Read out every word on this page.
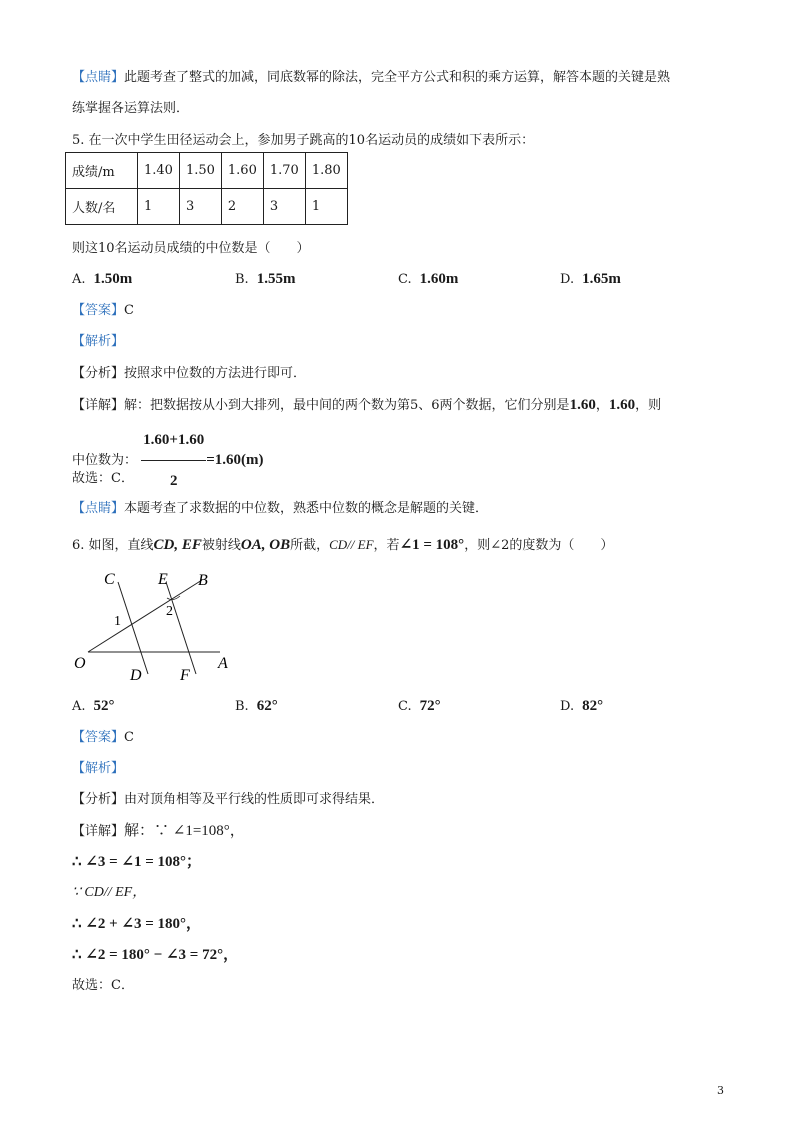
【点睛】此题考查了整式的加减，同底数幂的除法，完全平方公式和积的乘方运算，解答本题的关键是熟
练掌握各运算法则．
5. 在一次中学生田径运动会上，参加男子跳高的10名运动员的成绩如下表所示：
成绩/m	1.40	1.50	1.60	1.70	1.80
人数/名	1	3	2	3	1
则这10名运动员成绩的中位数是（　　）
A. 1.50m	B. 1.55m	C. 1.60m	D. 1.65m
【答案】C
【解析】
【分析】按照求中位数的方法进行即可．
【详解】解：把数据按从小到大排列，最中间的两个数为第5、6两个数据，它们分别是1.60，1.60，则
中位数为： $\frac{1.60+1.60}{2} =1.60(m)$
故选：C．
【点睛】本题考查了求数据的中位数，熟悉中位数的概念是解题的关键．
6. 如图，直线CD, EF被射线OA, OB所截，CD// EF，若∠1 = 108°，则∠2的度数为（　　）
C	E B
O
D F
A
1
2
A. 52°	B. 62°	C. 72°	D. 82°
【答案】C
【解析】
【分析】由对顶角相等及平行线的性质即可求得结果．
【详解】解：∵ ∠1=108°，
∴ ∠3 = ∠1 = 108°；
∵ CD// EF，
∴ ∠2 + ∠3 = 180°，
∴ ∠2 = 180° − ∠3 = 72°，
故选：C．
3
